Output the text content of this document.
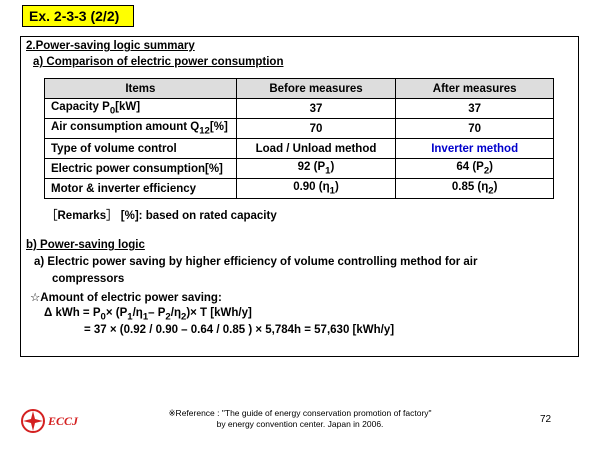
Ex. 2-3-3 (2/2)
2.Power-saving logic summary
a) Comparison of electric power consumption
Items	Before measures	After measures
Capacity $P_0[kW]$	37	37
Air consumption amount $Q_{12}[\%]$	70	70
Type of volume control	Load / Unload method	Inverter method
Electric power consumption[%]	92 $(P_1)$	64 $(P_2)$
Motor & inverter efficiency	0.90 $(\eta_1)$	0.85 $(\eta_2)$
［Remarks］ [%]: based on rated capacity
b) Power-saving logic
a) Electric power saving by higher efficiency of volume controlling method for air
compressors
☆Amount of electric power saving:
Δ kWh = $P_0\times (P_1/\eta_1-$ $P_2/\eta_2)\times T$ [kWh/y]
= 37 × (0.92 / 0.90 – 0.64 / 0.85 ) × 5,784h = 57,630 [kWh/y]
ECCJ
※Reference : "The guide of energy conservation promotion of factory"
by energy convention center. Japan in 2006.	72
